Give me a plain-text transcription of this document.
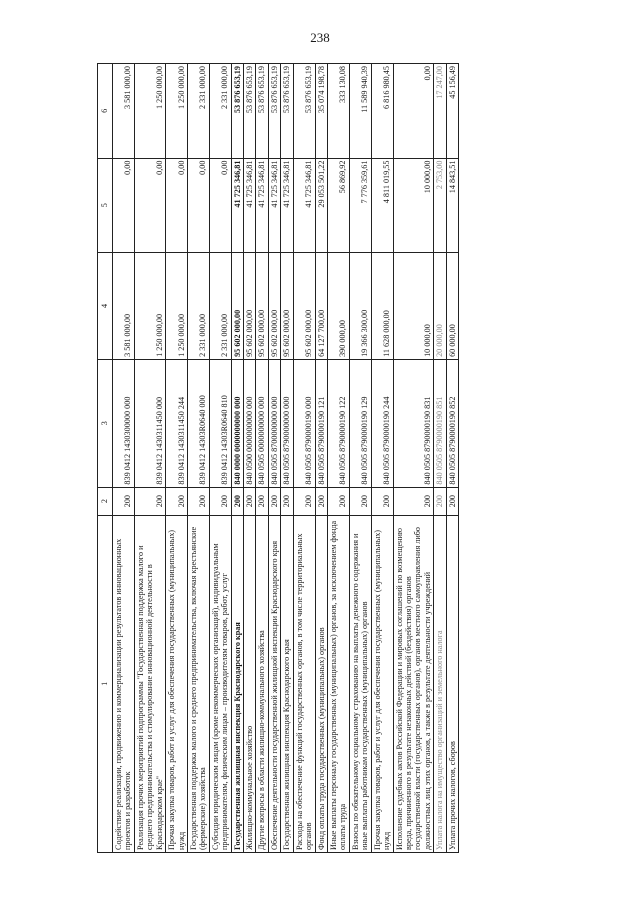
238
1	2	3	4	5	6
Содействие реализации, продвижению и коммерциализации результатов инновационных проектов и разработок	200	839 0412 1430300000 000	3 581 000,00	0,00	3 581 000,00
Реализация прочих мероприятий подпрограммы "Государственная поддержка малого и среднего предпринимательства и стимулирование инновационной деятельности в Краснодарском крае"	200	839 0412 1430311450 000	1 250 000,00	0,00	1 250 000,00
Прочая закупка товаров, работ и услуг для обеспечения государственных (муниципальных) нужд	200	839 0412 1430311450 244	1 250 000,00	0,00	1 250 000,00
Государственная поддержка малого и среднего предпринимательства, включая крестьянские (фермерские) хозяйства	200	839 0412 14303R0640 000	2 331 000,00	0,00	2 331 000,00
Субсидии юридическим лицам (кроме некоммерческих организаций), индивидуальным предпринимателям, физическим лицам – производителям товаров, работ, услуг	200	839 0412 14303R0640 810	2 331 000,00	0,00	2 331 000,00
Государственная жилищная инспекция Краснодарского края	200	840 0000 0000000000 000	95 602 000,00	41 725 346,81	53 876 653,19
Жилищно-коммунальное хозяйство	200	840 0500 0000000000 000	95 602 000,00	41 725 346,81	53 876 653,19
Другие вопросы в области жилищно-коммунального хозяйства	200	840 0505 0000000000 000	95 602 000,00	41 725 346,81	53 876 653,19
Обеспечение деятельности государственной жилищной инспекции Краснодарского края	200	840 0505 8700000000 000	95 602 000,00	41 725 346,81	53 876 653,19
Государственная жилищная инспекция Краснодарского края	200	840 0505 8790000000 000	95 602 000,00	41 725 346,81	53 876 653,19
Расходы на обеспечение функций государственных органов, в том числе территориальных органов	200	840 0505 8790000190 000	95 602 000,00	41 725 346,81	53 876 653,19
Фонд оплаты труда государственных (муниципальных) органов	200	840 0505 8790000190 121	64 127 700,00	29 053 501,22	35 074 198,78
Иные выплаты персоналу государственных (муниципальных) органов, за исключением фонда оплаты труда	200	840 0505 8790000190 122	390 000,00	56 869,92	333 130,08
Взносы по обязательному социальному страхованию на выплаты денежного содержания и иные выплаты работникам государственных (муниципальных) органов	200	840 0505 8790000190 129	19 366 300,00	7 776 359,61	11 589 940,39
Прочая закупка товаров, работ и услуг для обеспечения государственных (муниципальных) нужд	200	840 0505 8790000190 244	11 628 000,00	4 811 019,55	6 816 980,45
Исполнение судебных актов Российской Федерации и мировых соглашений по возмещению вреда, причиненного в результате незаконных действий (бездействия) органов государственной власти (государственных органов), органов местного самоуправления либо должностных лиц этих органов, а также в результате деятельности учреждений	200	840 0505 8790000190 831	10 000,00	10 000,00	0,00
Уплата налога на имущество организаций и земельного налога	200	840 0505 8790000190 851	20 000,00	2 753,00	17 247,00
Уплата прочих налогов, сборов	200	840 0505 8790000190 852	60 000,00	14 843,51	45 156,49
